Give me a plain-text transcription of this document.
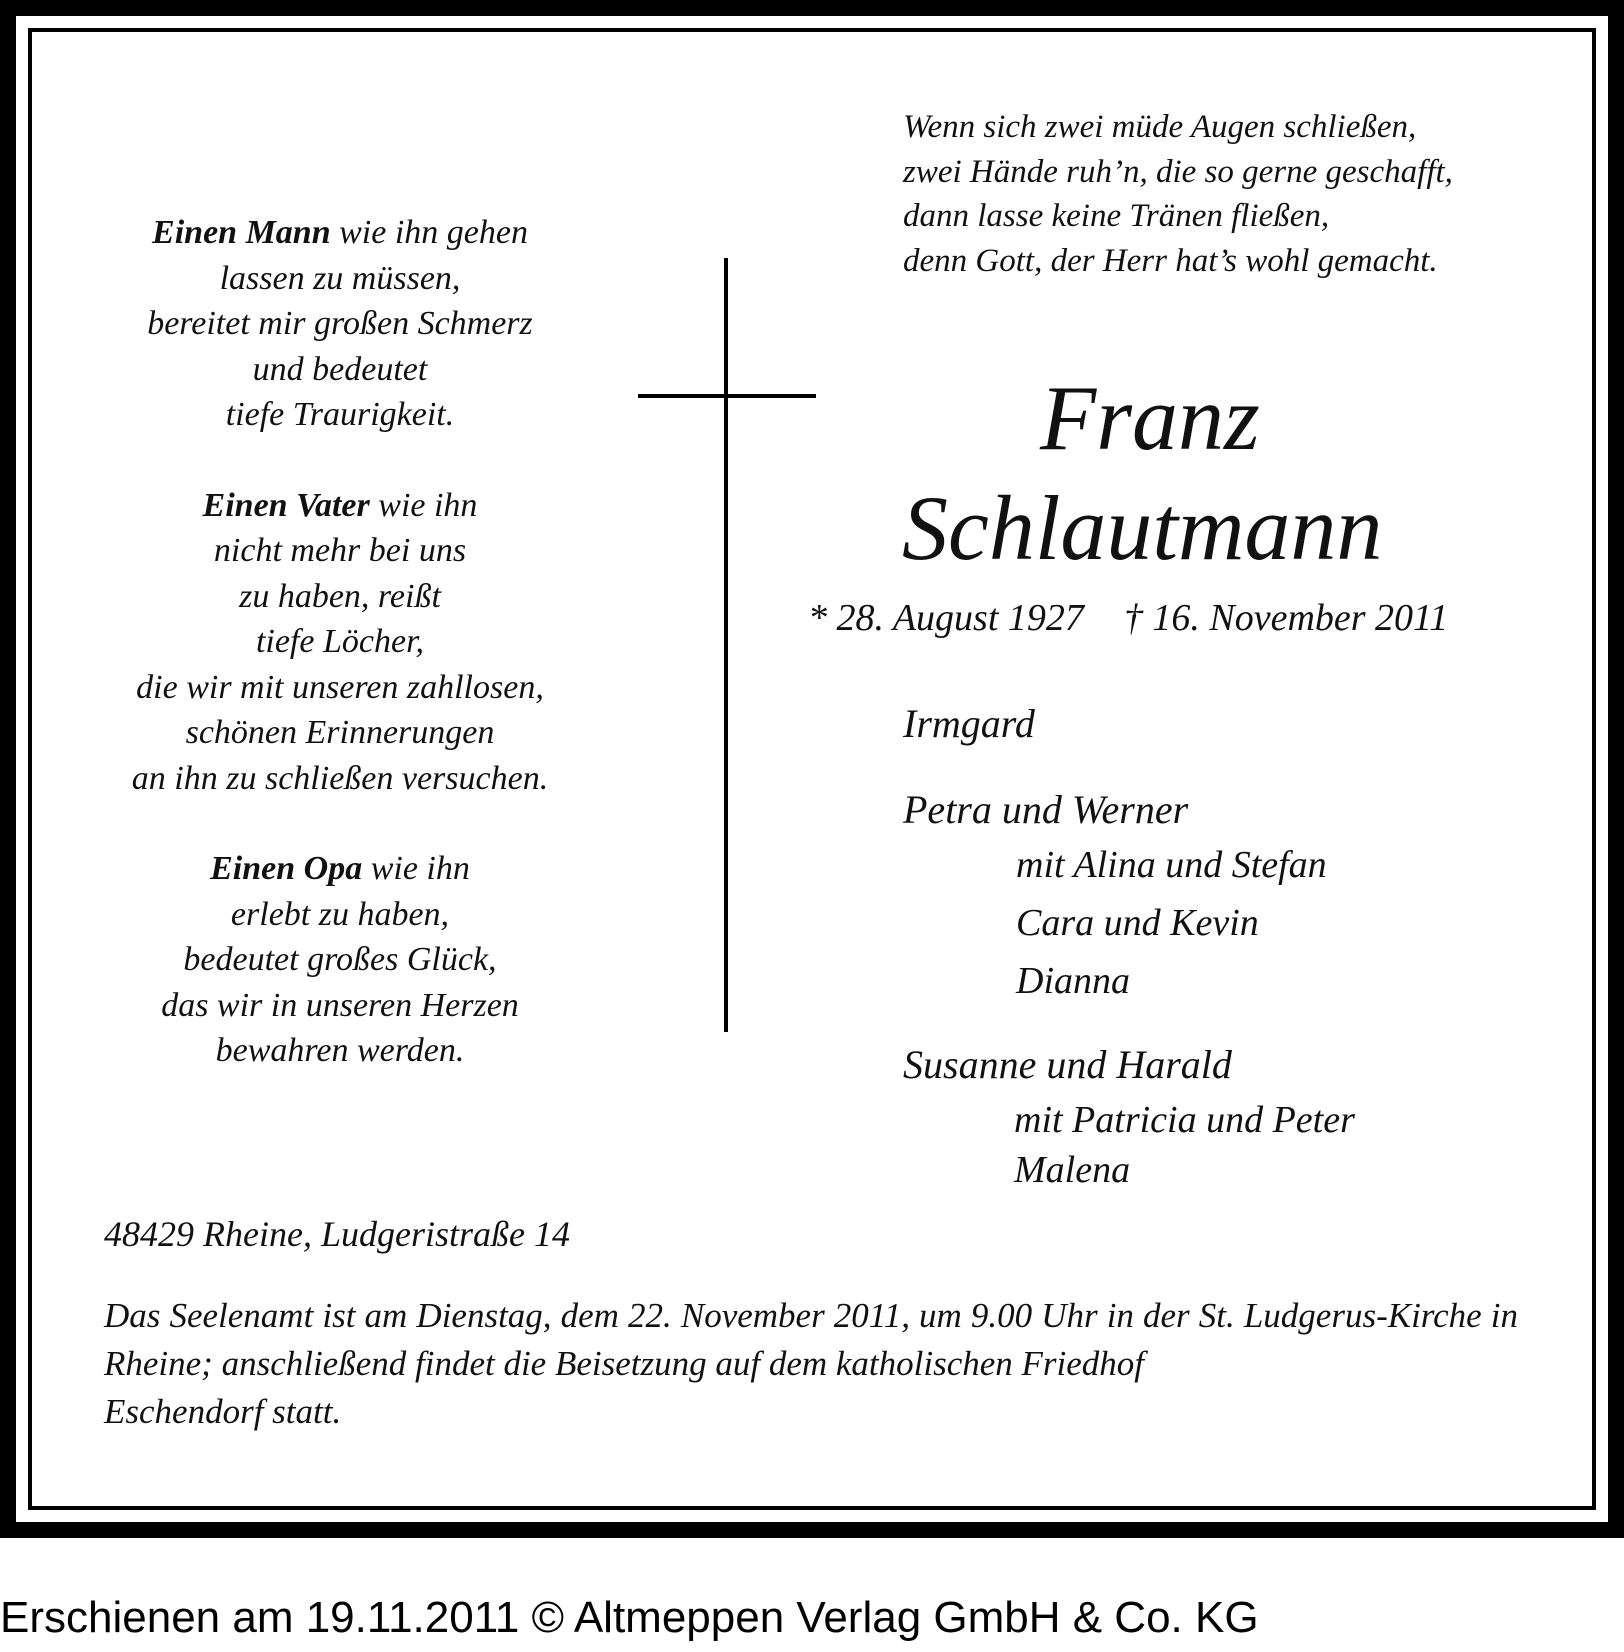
Einen Mann wie ihn gehen
lassen zu müssen,
bereitet mir großen Schmerz
und bedeutet
tiefe Traurigkeit.
Einen Vater wie ihn
nicht mehr bei uns
zu haben, reißt
tiefe Löcher,
die wir mit unseren zahllosen,
schönen Erinnerungen
an ihn zu schließen versuchen.
Einen Opa wie ihn
erlebt zu haben,
bedeutet großes Glück,
das wir in unseren Herzen
bewahren werden.
Wenn sich zwei müde Augen schließen,
zwei Hände ruh’n, die so gerne geschafft,
dann lasse keine Tränen fließen,
denn Gott, der Herr hat’s wohl gemacht.
Franz
Schlautmann
* 28. August 1927 † 16. November 2011
Irmgard
Petra und Werner
mit Alina und Stefan
Cara und Kevin
Dianna
Susanne und Harald
mit Patricia und Peter
Malena
48429 Rheine, Ludgeristraße 14
Das Seelenamt ist am Dienstag, dem 22. November 2011, um 9.00 Uhr in der St. Ludgerus-Kirche in Rheine; anschließend findet die Beisetzung auf dem katholischen Friedhof
Eschendorf statt.
Erschienen am 19.11.2011 © Altmeppen Verlag GmbH & Co. KG
